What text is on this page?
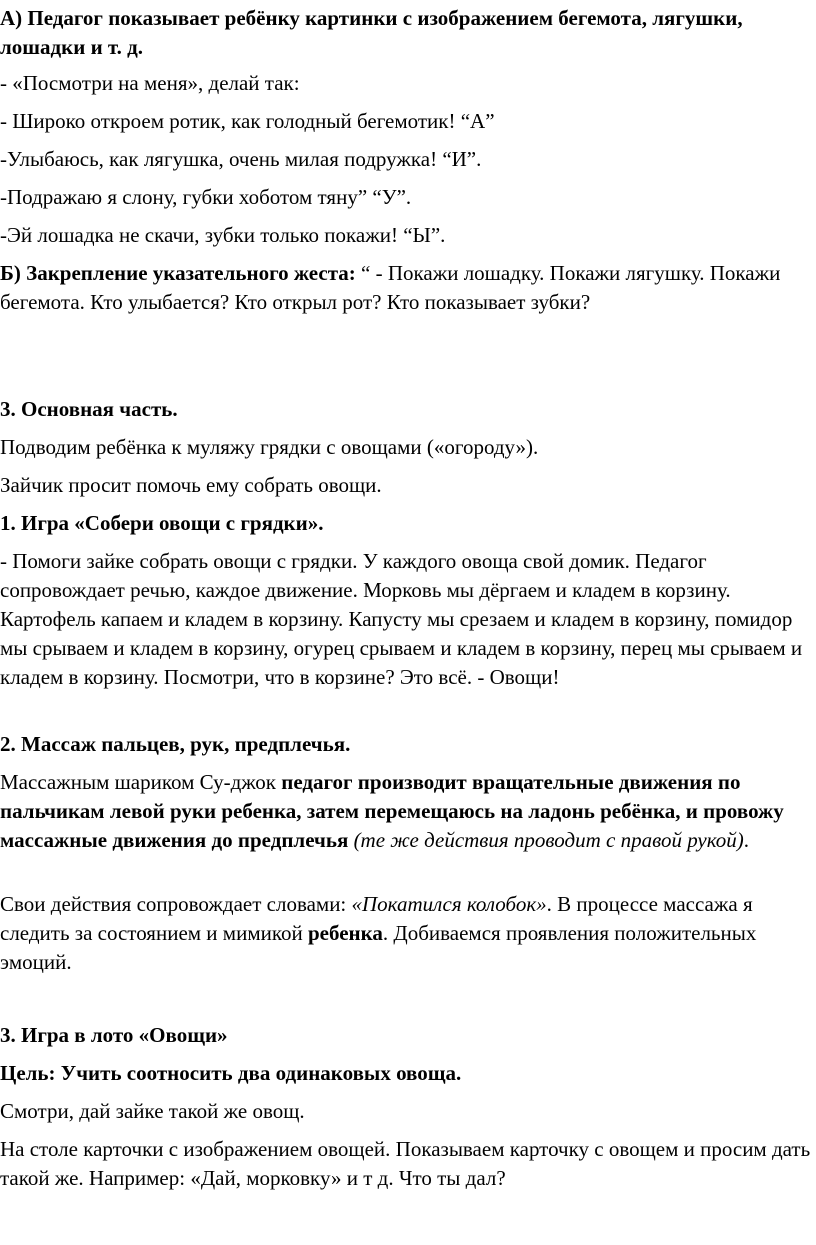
А) Педагог показывает ребёнку картинки с изображением бегемота, лягушки, лошадки и т. д.

- «Посмотри на меня», делай так:

- Широко откроем ротик, как голодный бегемотик! “А”

-Улыбаюсь, как лягушка, очень милая подружка! “И”.

-Подражаю я слону, губки хоботом тяну” “У”.

-Эй лошадка не скачи, зубки только покажи! “Ы”.

Б) Закрепление указательного жеста: “ - Покажи лошадку. Покажи лягушку. Покажи бегемота. Кто улыбается? Кто открыл рот? Кто показывает зубки?

3. Основная часть.

Подводим ребёнка к муляжу грядки с овощами («огороду»).

Зайчик просит помочь ему собрать овощи.

1. Игра «Собери овощи с грядки».

- Помоги зайке собрать овощи с грядки. У каждого овоща свой домик. Педагог сопровождает речью, каждое движение. Морковь мы дёргаем и кладем в корзину. Картофель капаем и кладем в корзину. Капусту мы срезаем и кладем в корзину, помидор мы срываем и кладем в корзину, огурец срываем и кладем в корзину, перец мы срываем и кладем в корзину. Посмотри, что в корзине? Это всё. - Овощи!

2. Массаж пальцев, рук, предплечья.

Массажным шариком Су-джок педагог производит вращательные движения по пальчикам левой руки ребенка, затем перемещаюсь на ладонь ребёнка, и провожу массажные движения до предплечья (те же действия проводит с правой рукой).

Свои действия сопровождает словами: «Покатился колобок». В процессе массажа я следить за состоянием и мимикой ребенка. Добиваемся проявления положительных эмоций.

3. Игра в лото «Овощи»

Цель: Учить соотносить два одинаковых овоща.

Смотри, дай зайке такой же овощ.

На столе карточки с изображением овощей. Показываем карточку с овощем и просим дать такой же. Например: «Дай, морковку» и т д. Что ты дал?
